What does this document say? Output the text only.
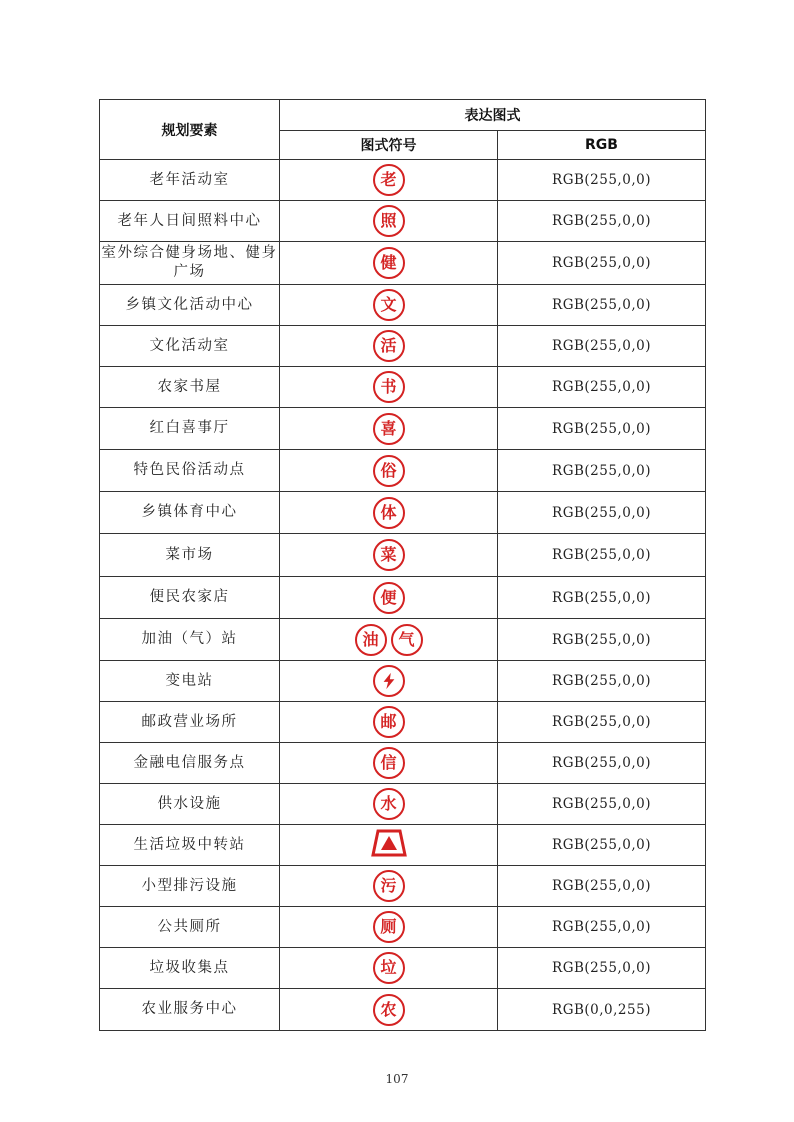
规划要素	表达图式	
	图式符号	RGB
老年活动室	老	RGB(255,0,0)
老年人日间照料中心	照	RGB(255,0,0)
室外综合健身场地、健身广场	健	RGB(255,0,0)
乡镇文化活动中心	文	RGB(255,0,0)
文化活动室	活	RGB(255,0,0)
农家书屋	书	RGB(255,0,0)
红白喜事厅	喜	RGB(255,0,0)
特色民俗活动点	俗	RGB(255,0,0)
乡镇体育中心	体	RGB(255,0,0)
菜市场	菜	RGB(255,0,0)
便民农家店	便	RGB(255,0,0)
加油（气）站	油 气	RGB(255,0,0)
变电站		RGB(255,0,0)
邮政营业场所	邮	RGB(255,0,0)
金融电信服务点	信	RGB(255,0,0)
供水设施	水	RGB(255,0,0)
生活垃圾中转站		RGB(255,0,0)
小型排污设施	污	RGB(255,0,0)
公共厕所	厕	RGB(255,0,0)
垃圾收集点	垃	RGB(255,0,0)
农业服务中心	农	RGB(0,0,255)
107
